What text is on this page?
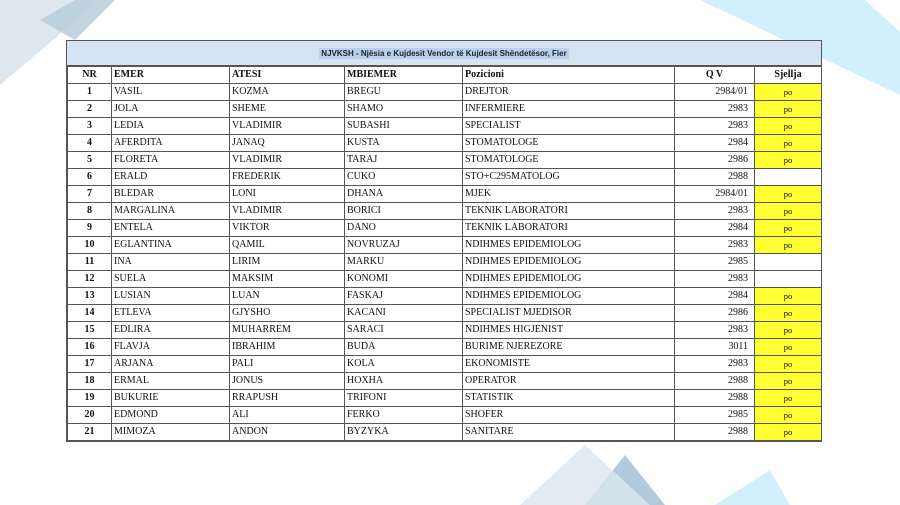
NJVKSH - Njësia e Kujdesit Vendor të Kujdesit Shëndetësor, Fier
NR	EMER	ATESI	MBIEMER	Pozicioni	Q V	Sjellja
1	VASIL	KOZMA	BREGU	DREJTOR	2984/01	po
2	JOLA	SHEME	SHAMO	INFERMIERE	2983	po
3	LEDIA	VLADIMIR	SUBASHI	SPECIALIST	2983	po
4	AFERDITA	JANAQ	KUSTA	STOMATOLOGE	2984	po
5	FLORETA	VLADIMIR	TARAJ	STOMATOLOGE	2986	po
6	ERALD	FREDERIK	CUKO	STO+C295MATOLOG	2988	
7	BLEDAR	LONI	DHANA	MJEK	2984/01	po
8	MARGALINA	VLADIMIR	BORICI	TEKNIK LABORATORI	2983	po
9	ENTELA	VIKTOR	DANO	TEKNIK LABORATORI	2984	po
10	EGLANTINA	QAMIL	NOVRUZAJ	NDIHMES EPIDEMIOLOG	2983	po
11	INA	LIRIM	MARKU	NDIHMES EPIDEMIOLOG	2985	
12	SUELA	MAKSIM	KONOMI	NDIHMES EPIDEMIOLOG	2983	
13	LUSIAN	LUAN	FASKAJ	NDIHMES EPIDEMIOLOG	2984	po
14	ETLEVA	GJYSHO	KACANI	SPECIALIST MJEDISOR	2986	po
15	EDLIRA	MUHARREM	SARACI	NDIHMES HIGJENIST	2983	po
16	FLAVJA	IBRAHIM	BUDA	BURIME NJEREZORE	3011	po
17	ARJANA	PALI	KOLA	EKONOMISTE	2983	po
18	ERMAL	JONUS	HOXHA	OPERATOR	2988	po
19	BUKURIE	RRAPUSH	TRIFONI	STATISTIK	2988	po
20	EDMOND	ALI	FERKO	SHOFER	2985	po
21	MIMOZA	ANDON	BYZYKA	SANITARE	2988	po
